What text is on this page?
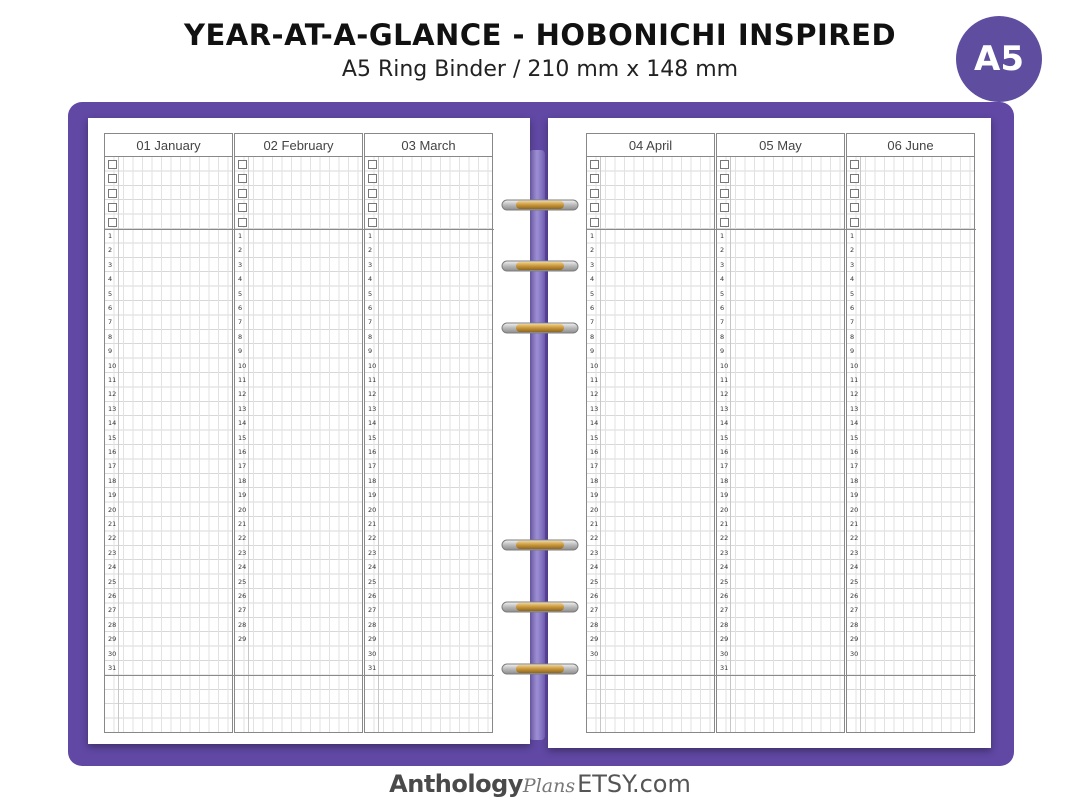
YEAR-AT-A-GLANCE - HOBONICHI INSPIRED
A5 Ring Binder / 210 mm x 148 mm	A5
01 January
1
2
3
4
5
6
7
8
9
10
11
12
13
14
15
16
17
18
19
20
21
22
23
24
25
26
27
28
29
30
31
02 February
1
2
3
4
5
6
7
8
9
10
11
12
13
14
15
16
17
18
19
20
21
22
23
24
25
26
27
28
29
03 March
1
2
3
4
5
6
7
8
9
10
11
12
13
14
15
16
17
18
19
20
21
22
23
24
25
26
27
28
29
30
31
04 April
1
2
3
4
5
6
7
8
9
10
11
12
13
14
15
16
17
18
19
20
21
22
23
24
25
26
27
28
29
30
05 May
1
2
3
4
5
6
7
8
9
10
11
12
13
14
15
16
17
18
19
20
21
22
23
24
25
26
27
28
29
30
31
06 June
1
2
3
4
5
6
7
8
9
10
11
12
13
14
15
16
17
18
19
20
21
22
23
24
25
26
27
28
29
30
AnthologyPlansETSY.com
